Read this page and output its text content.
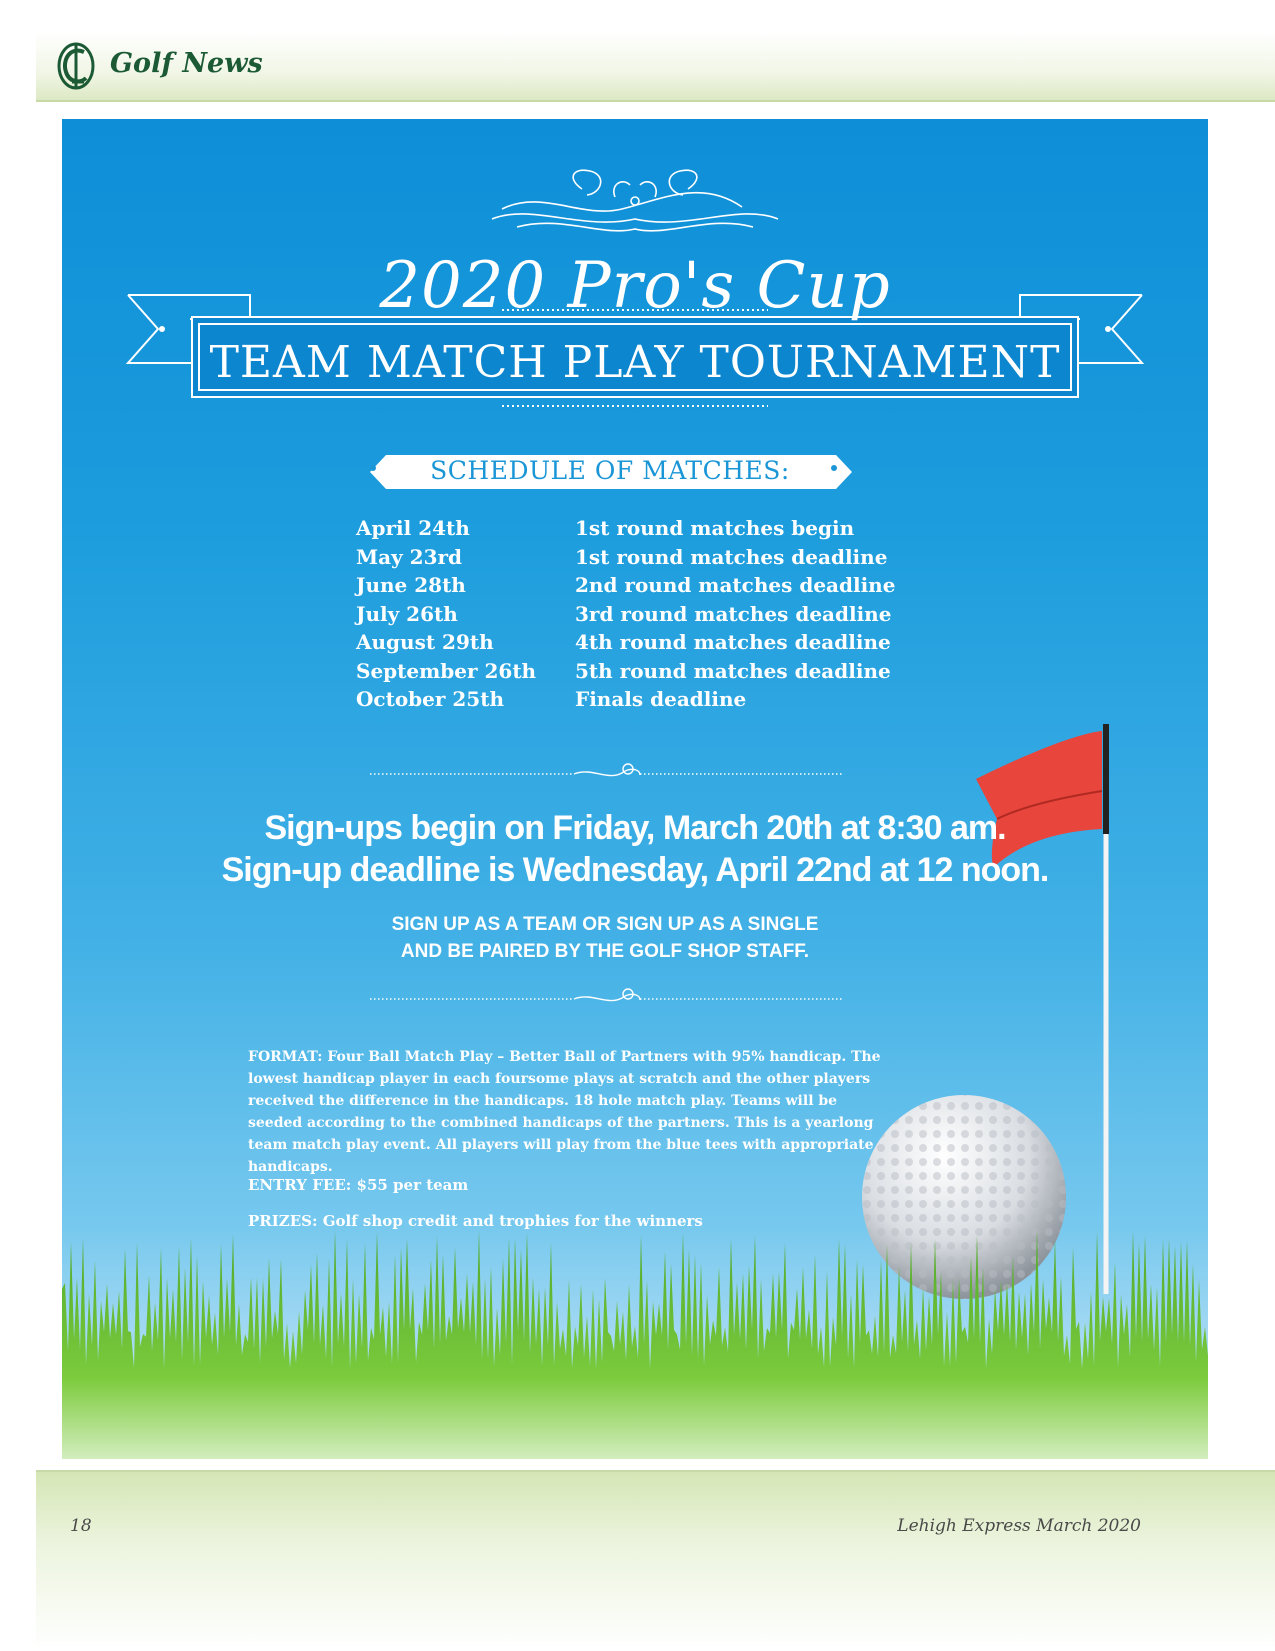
Golf News
2020 Pro's Cup
TEAM MATCH PLAY TOURNAMENT
SCHEDULE OF MATCHES:
April 24th	1st round matches begin
May 23rd	1st round matches deadline
June 28th	2nd round matches deadline
July 26th	3rd round matches deadline
August 29th	4th round matches deadline
September 26th	5th round matches deadline
October 25th	Finals deadline
Sign-ups begin on Friday, March 20th at 8:30 am.
Sign-up deadline is Wednesday, April 22nd at 12 noon.
SIGN UP AS A TEAM OR SIGN UP AS A SINGLE
AND BE PAIRED BY THE GOLF SHOP STAFF.
FORMAT: Four Ball Match Play – Better Ball of Partners with 95% handicap. The lowest handicap player in each foursome plays at scratch and the other players received the difference in the handicaps. 18 hole match play. Teams will be seeded according to the combined handicaps of the partners. This is a yearlong team match play event. All players will play from the blue tees with appropriate handicaps.
ENTRY FEE: $55 per team
PRIZES: Golf shop credit and trophies for the winners
18	Lehigh Express March 2020
